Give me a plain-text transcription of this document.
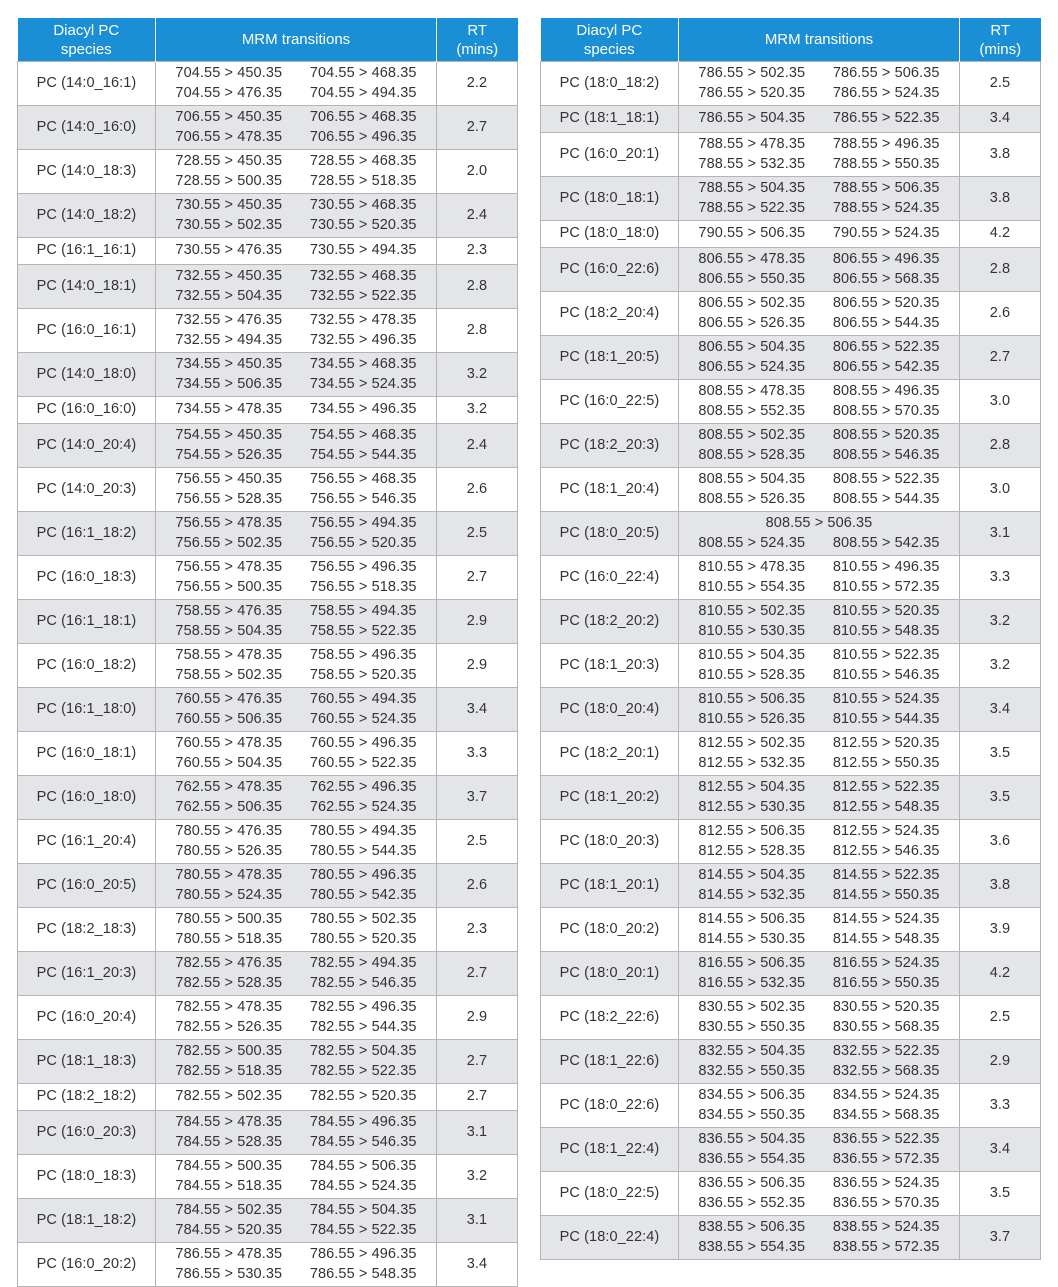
Diacyl PC
species	MRM transitions	RT
(mins)
PC (14:0_16:1)	704.55 > 450.35 704.55 > 468.35
704.55 > 476.35 704.55 > 494.35	2.2
PC (14:0_16:0)	706.55 > 450.35 706.55 > 468.35
706.55 > 478.35 706.55 > 496.35	2.7
PC (14:0_18:3)	728.55 > 450.35 728.55 > 468.35
728.55 > 500.35 728.55 > 518.35	2.0
PC (14:0_18:2)	730.55 > 450.35 730.55 > 468.35
730.55 > 502.35 730.55 > 520.35	2.4
PC (16:1_16:1)	730.55 > 476.35 730.55 > 494.35	2.3
PC (14:0_18:1)	732.55 > 450.35 732.55 > 468.35
732.55 > 504.35 732.55 > 522.35	2.8
PC (16:0_16:1)	732.55 > 476.35 732.55 > 478.35
732.55 > 494.35 732.55 > 496.35	2.8
PC (14:0_18:0)	734.55 > 450.35 734.55 > 468.35
734.55 > 506.35 734.55 > 524.35	3.2
PC (16:0_16:0)	734.55 > 478.35 734.55 > 496.35	3.2
PC (14:0_20:4)	754.55 > 450.35 754.55 > 468.35
754.55 > 526.35 754.55 > 544.35	2.4
PC (14:0_20:3)	756.55 > 450.35 756.55 > 468.35
756.55 > 528.35 756.55 > 546.35	2.6
PC (16:1_18:2)	756.55 > 478.35 756.55 > 494.35
756.55 > 502.35 756.55 > 520.35	2.5
PC (16:0_18:3)	756.55 > 478.35 756.55 > 496.35
756.55 > 500.35 756.55 > 518.35	2.7
PC (16:1_18:1)	758.55 > 476.35 758.55 > 494.35
758.55 > 504.35 758.55 > 522.35	2.9
PC (16:0_18:2)	758.55 > 478.35 758.55 > 496.35
758.55 > 502.35 758.55 > 520.35	2.9
PC (16:1_18:0)	760.55 > 476.35 760.55 > 494.35
760.55 > 506.35 760.55 > 524.35	3.4
PC (16:0_18:1)	760.55 > 478.35 760.55 > 496.35
760.55 > 504.35 760.55 > 522.35	3.3
PC (16:0_18:0)	762.55 > 478.35 762.55 > 496.35
762.55 > 506.35 762.55 > 524.35	3.7
PC (16:1_20:4)	780.55 > 476.35 780.55 > 494.35
780.55 > 526.35 780.55 > 544.35	2.5
PC (16:0_20:5)	780.55 > 478.35 780.55 > 496.35
780.55 > 524.35 780.55 > 542.35	2.6
PC (18:2_18:3)	780.55 > 500.35 780.55 > 502.35
780.55 > 518.35 780.55 > 520.35	2.3
PC (16:1_20:3)	782.55 > 476.35 782.55 > 494.35
782.55 > 528.35 782.55 > 546.35	2.7
PC (16:0_20:4)	782.55 > 478.35 782.55 > 496.35
782.55 > 526.35 782.55 > 544.35	2.9
PC (18:1_18:3)	782.55 > 500.35 782.55 > 504.35
782.55 > 518.35 782.55 > 522.35	2.7
PC (18:2_18:2)	782.55 > 502.35 782.55 > 520.35	2.7
PC (16:0_20:3)	784.55 > 478.35 784.55 > 496.35
784.55 > 528.35 784.55 > 546.35	3.1
PC (18:0_18:3)	784.55 > 500.35 784.55 > 506.35
784.55 > 518.35 784.55 > 524.35	3.2
PC (18:1_18:2)	784.55 > 502.35 784.55 > 504.35
784.55 > 520.35 784.55 > 522.35	3.1
PC (16:0_20:2)	786.55 > 478.35 786.55 > 496.35
786.55 > 530.35 786.55 > 548.35	3.4
Diacyl PC
species	MRM transitions	RT
(mins)
PC (18:0_18:2)	786.55 > 502.35 786.55 > 506.35
786.55 > 520.35 786.55 > 524.35	2.5
PC (18:1_18:1)	786.55 > 504.35 786.55 > 522.35	3.4
PC (16:0_20:1)	788.55 > 478.35 788.55 > 496.35
788.55 > 532.35 788.55 > 550.35	3.8
PC (18:0_18:1)	788.55 > 504.35 788.55 > 506.35
788.55 > 522.35 788.55 > 524.35	3.8
PC (18:0_18:0)	790.55 > 506.35 790.55 > 524.35	4.2
PC (16:0_22:6)	806.55 > 478.35 806.55 > 496.35
806.55 > 550.35 806.55 > 568.35	2.8
PC (18:2_20:4)	806.55 > 502.35 806.55 > 520.35
806.55 > 526.35 806.55 > 544.35	2.6
PC (18:1_20:5)	806.55 > 504.35 806.55 > 522.35
806.55 > 524.35 806.55 > 542.35	2.7
PC (16:0_22:5)	808.55 > 478.35 808.55 > 496.35
808.55 > 552.35 808.55 > 570.35	3.0
PC (18:2_20:3)	808.55 > 502.35 808.55 > 520.35
808.55 > 528.35 808.55 > 546.35	2.8
PC (18:1_20:4)	808.55 > 504.35 808.55 > 522.35
808.55 > 526.35 808.55 > 544.35	3.0
PC (18:0_20:5)	808.55 > 506.35
808.55 > 524.35 808.55 > 542.35	3.1
PC (16:0_22:4)	810.55 > 478.35 810.55 > 496.35
810.55 > 554.35 810.55 > 572.35	3.3
PC (18:2_20:2)	810.55 > 502.35 810.55 > 520.35
810.55 > 530.35 810.55 > 548.35	3.2
PC (18:1_20:3)	810.55 > 504.35 810.55 > 522.35
810.55 > 528.35 810.55 > 546.35	3.2
PC (18:0_20:4)	810.55 > 506.35 810.55 > 524.35
810.55 > 526.35 810.55 > 544.35	3.4
PC (18:2_20:1)	812.55 > 502.35 812.55 > 520.35
812.55 > 532.35 812.55 > 550.35	3.5
PC (18:1_20:2)	812.55 > 504.35 812.55 > 522.35
812.55 > 530.35 812.55 > 548.35	3.5
PC (18:0_20:3)	812.55 > 506.35 812.55 > 524.35
812.55 > 528.35 812.55 > 546.35	3.6
PC (18:1_20:1)	814.55 > 504.35 814.55 > 522.35
814.55 > 532.35 814.55 > 550.35	3.8
PC (18:0_20:2)	814.55 > 506.35 814.55 > 524.35
814.55 > 530.35 814.55 > 548.35	3.9
PC (18:0_20:1)	816.55 > 506.35 816.55 > 524.35
816.55 > 532.35 816.55 > 550.35	4.2
PC (18:2_22:6)	830.55 > 502.35 830.55 > 520.35
830.55 > 550.35 830.55 > 568.35	2.5
PC (18:1_22:6)	832.55 > 504.35 832.55 > 522.35
832.55 > 550.35 832.55 > 568.35	2.9
PC (18:0_22:6)	834.55 > 506.35 834.55 > 524.35
834.55 > 550.35 834.55 > 568.35	3.3
PC (18:1_22:4)	836.55 > 504.35 836.55 > 522.35
836.55 > 554.35 836.55 > 572.35	3.4
PC (18:0_22:5)	836.55 > 506.35 836.55 > 524.35
836.55 > 552.35 836.55 > 570.35	3.5
PC (18:0_22:4)	838.55 > 506.35 838.55 > 524.35
838.55 > 554.35 838.55 > 572.35	3.7
